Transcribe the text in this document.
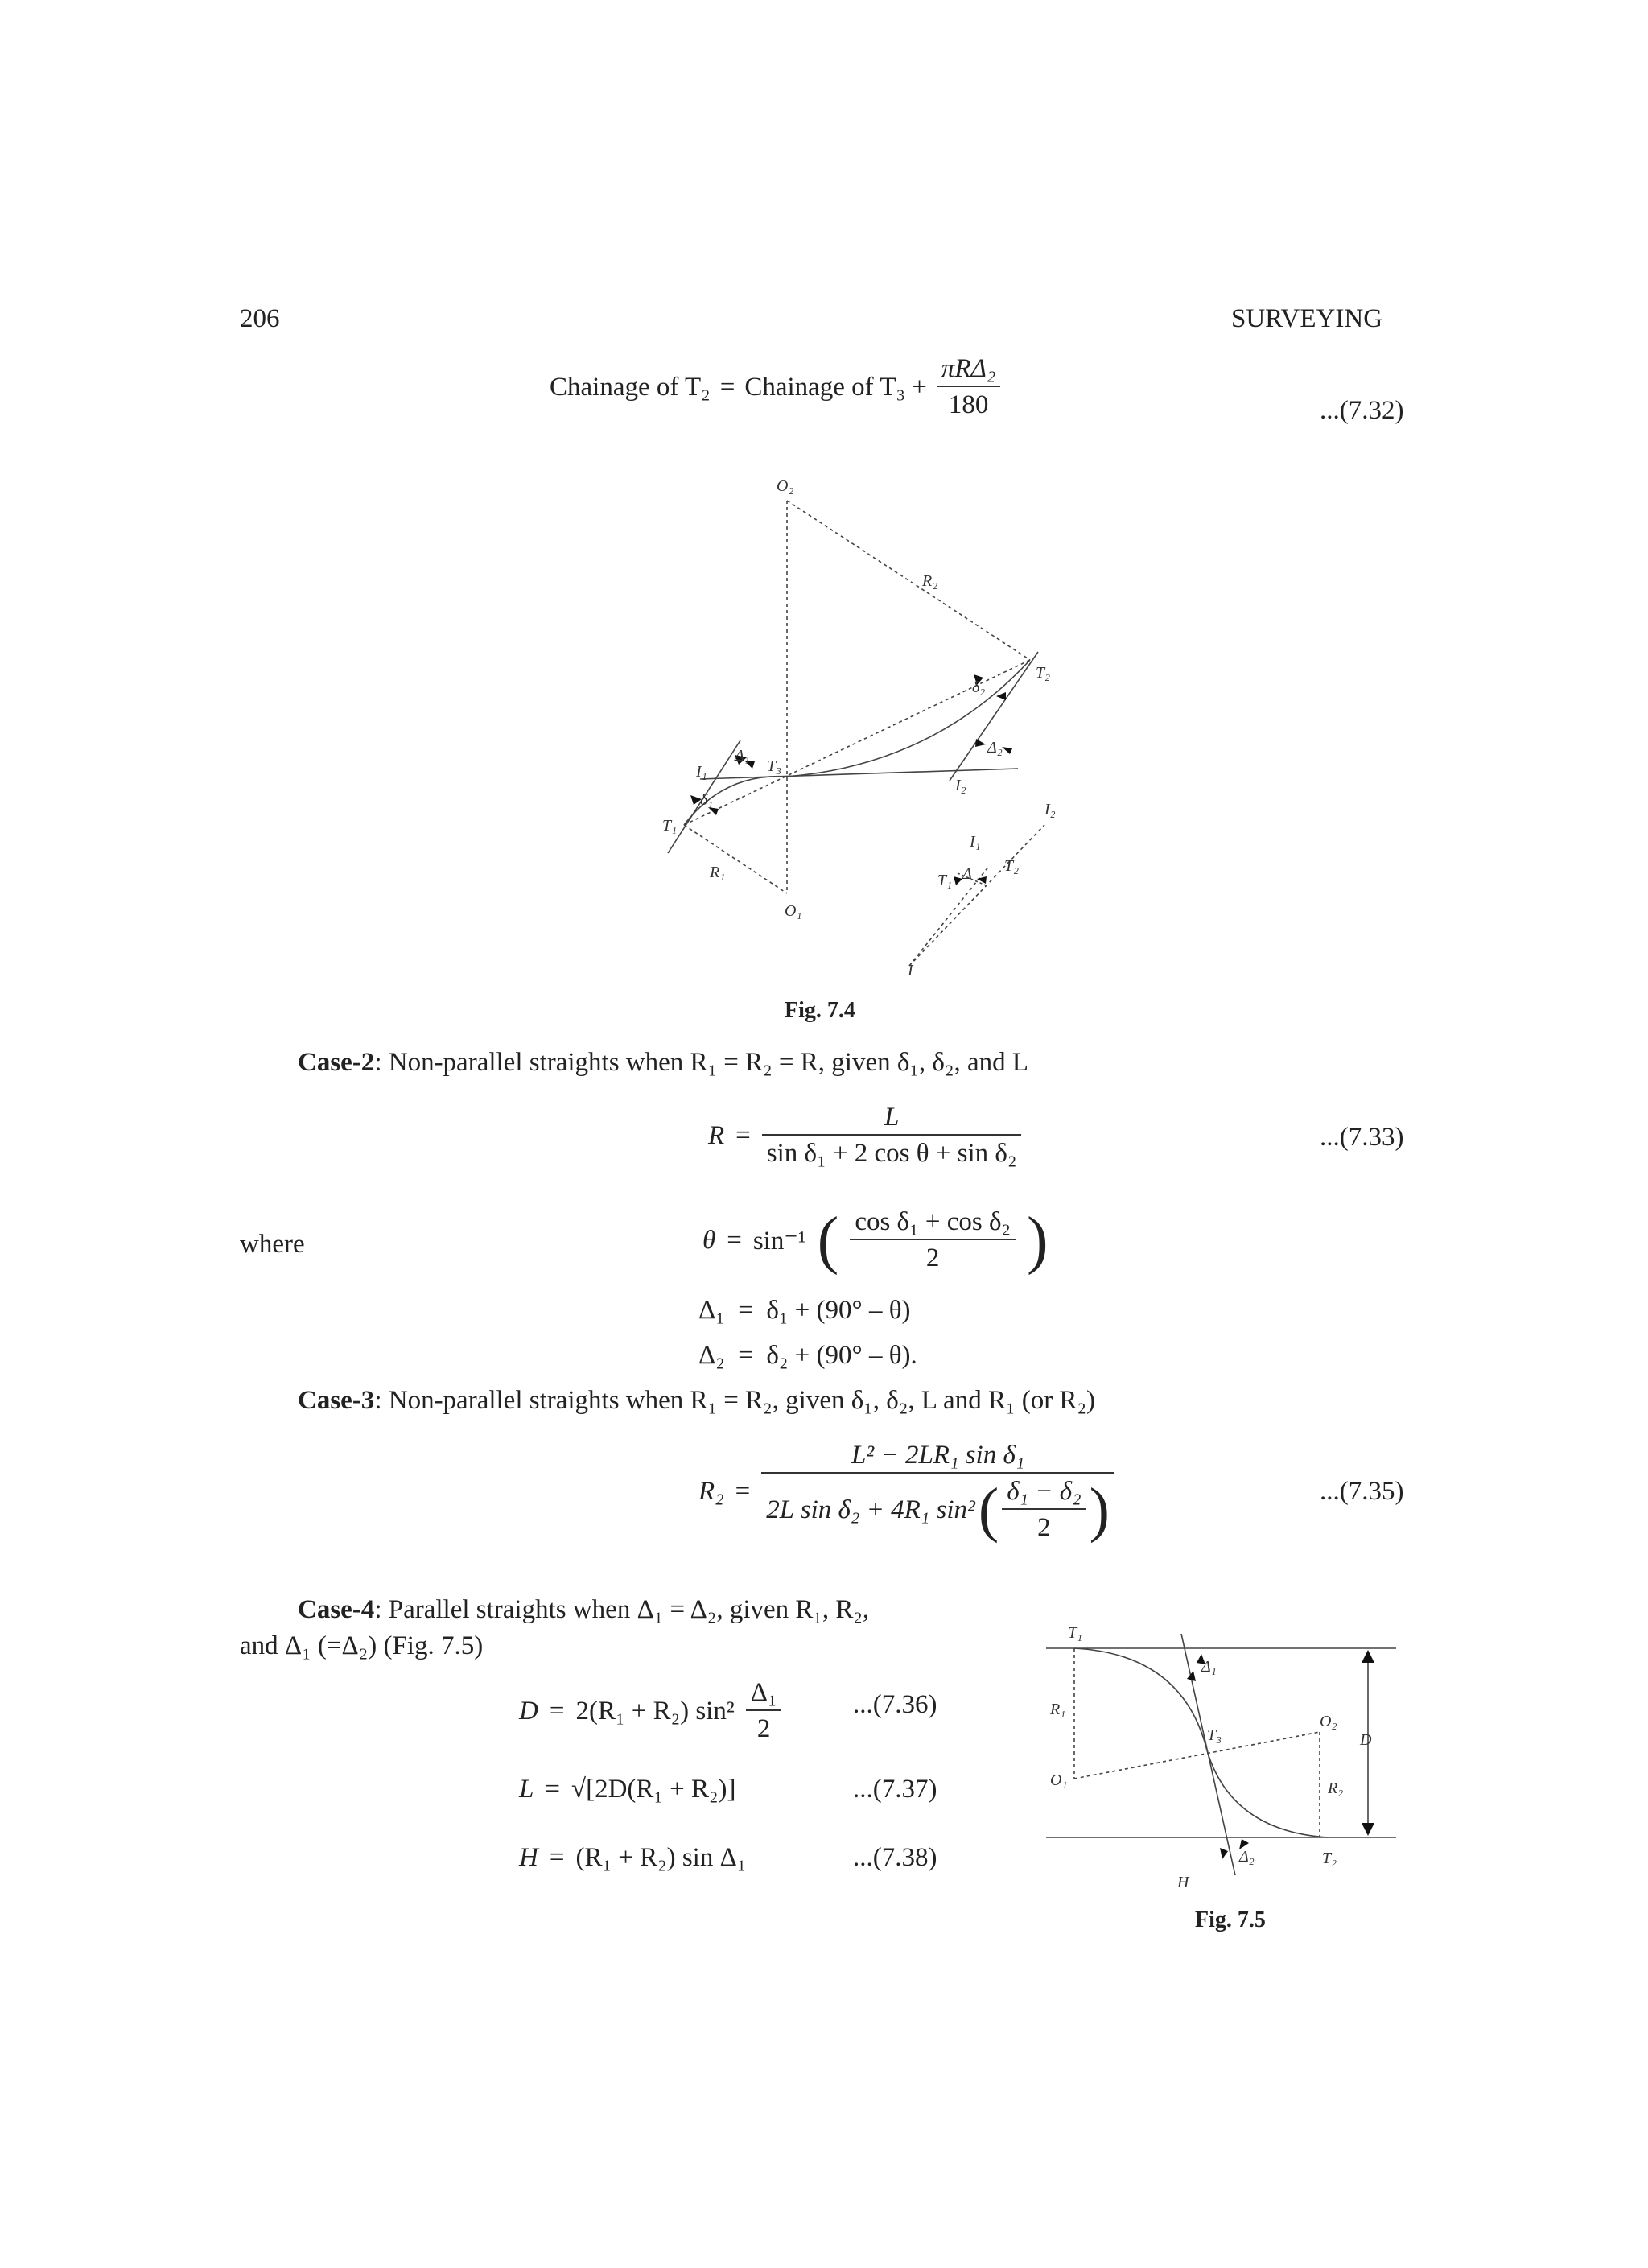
206	SURVEYING
Chainage of T₂ = Chainage of $T_3 + \frac{\text{πRΔ₂}}{180}$	...(7.32)
O₂
R₂
T₂
δ₂
Δ₂
I₂
T₃
Δ₁
I₁
δ₁
T₁
R₁
O₁
I₂
I₁
T₁ Δ T₂
I
Fig. 7.4
Case-2: Non-parallel straights when R₁ = R₂ = R, given δ₁, δ₂, and L
$R = \frac{L}{\text{sin δ₁ + 2 cos θ + sin δ₂}}$	...(7.33)
where	θ = sin⁻¹ ( $\frac{\text{cos δ₁ + cos δ₂}}{2}$ )
Δ₁  =  δ₁ + (90° – θ)
Δ₂  =  δ₂ + (90° – θ).
Case-3: Non-parallel straights when R₁ = R₂, given δ₁, δ₂, L and R₁ (or R₂)
R₂ =
L² − 2LR₁ sin δ₁
2L sin δ₂ + 4R₁ sin² ( $\frac{\text{δ₁ − δ₂}}{2}$ )	...(7.35)
Case-4: Parallel straights when Δ₁ = Δ₂, given R₁, R₂,
and Δ₁ (=Δ₂) (Fig. 7.5)
D = 2(R₁ + R₂) $\sin^2 \frac{\text{Δ₁}}{2}$	...(7.36)
L = √[2D(R₁ + R₂)]	...(7.37)
H = (R₁ + R₂) sin Δ₁	...(7.38)
T₁
Δ₁
R₁
T₃
O₂
D
O₁	R₂
Δ₂	T₂
H
Fig. 7.5
